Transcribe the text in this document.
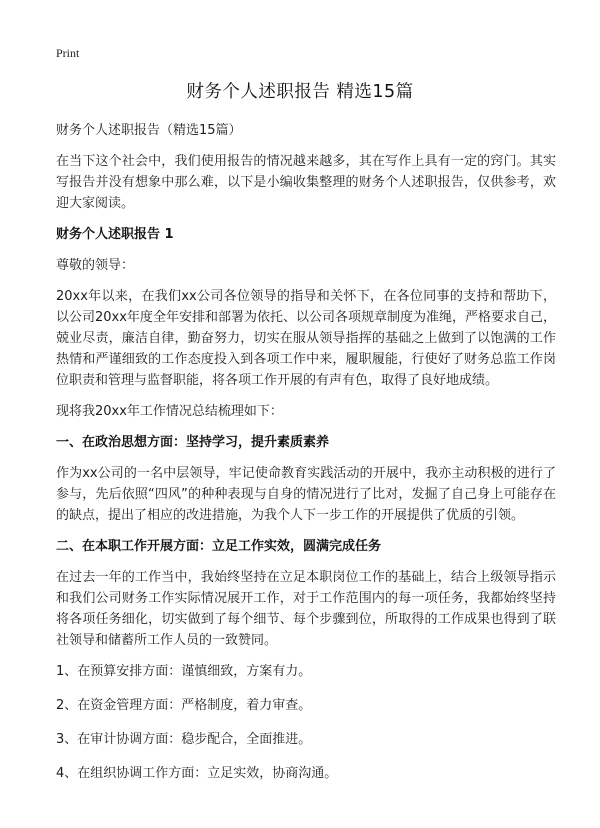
Print
财务个人述职报告 精选15篇

财务个人述职报告（精选15篇）

在当下这个社会中，我们使用报告的情况越来越多，其在写作上具有一定的窍门。其实写报告并没有想象中那么难，以下是小编收集整理的财务个人述职报告，仅供参考，欢迎大家阅读。

财务个人述职报告 1

尊敬的领导：

20xx年以来，在我们xx公司各位领导的指导和关怀下，在各位同事的支持和帮助下，以公司20xx年度全年安排和部署为依托、以公司各项规章制度为准绳，严格要求自己，兢业尽责，廉洁自律，勤奋努力，切实在服从领导指挥的基础之上做到了以饱满的工作热情和严谨细致的工作态度投入到各项工作中来，履职履能，行使好了财务总监工作岗位职责和管理与监督职能，将各项工作开展的有声有色，取得了良好地成绩。

现将我20xx年工作情况总结梳理如下：

一、在政治思想方面：坚持学习，提升素质素养

作为xx公司的一名中层领导，牢记使命教育实践活动的开展中，我亦主动积极的进行了参与，先后依照“四风”的种种表现与自身的情况进行了比对，发掘了自己身上可能存在的缺点，提出了相应的改进措施，为我个人下一步工作的开展提供了优质的引领。

二、在本职工作开展方面：立足工作实效，圆满完成任务

在过去一年的工作当中，我始终坚持在立足本职岗位工作的基础上，结合上级领导指示和我们公司财务工作实际情况展开工作，对于工作范围内的每一项任务，我都始终坚持将各项任务细化，切实做到了每个细节、每个步骤到位，所取得的工作成果也得到了联社领导和储蓄所工作人员的一致赞同。

1、在预算安排方面：谨慎细致，方案有力。

2、在资金管理方面：严格制度，着力审查。

3、在审计协调方面：稳步配合，全面推进。

4、在组织协调工作方面：立足实效，协商沟通。
